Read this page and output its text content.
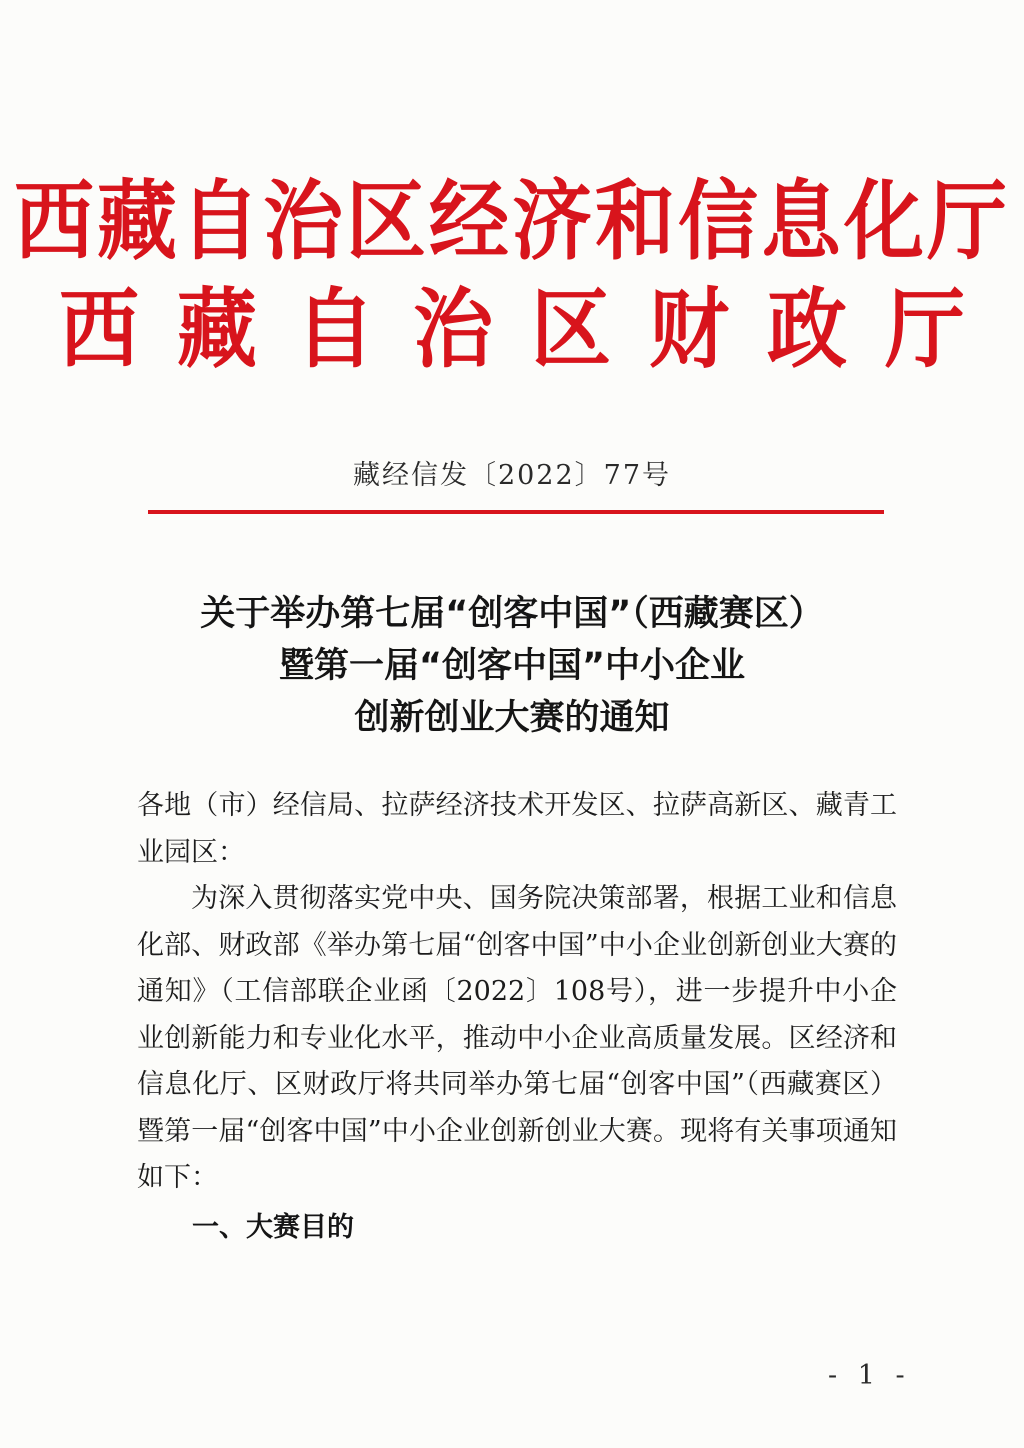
西藏自治区经济和信息化厅
西藏自治区财政厅
藏经信发〔2022〕77号
关于举办第七届“创客中国”（西藏赛区）
暨第一届“创客中国”中小企业
创新创业大赛的通知

各地（市）经信局、拉萨经济技术开发区、拉萨高新区、藏青工业园区：

为深入贯彻落实党中央、国务院决策部署，根据工业和信息化部、财政部《举办第七届“创客中国”中小企业创新创业大赛的通知》（工信部联企业函〔2022〕108号），进一步提升中小企业创新能力和专业化水平，推动中小企业高质量发展。区经济和信息化厅、区财政厅将共同举办第七届“创客中国”（西藏赛区）暨第一届“创客中国”中小企业创新创业大赛。现将有关事项通知如下：

一、大赛目的
- 1 -
